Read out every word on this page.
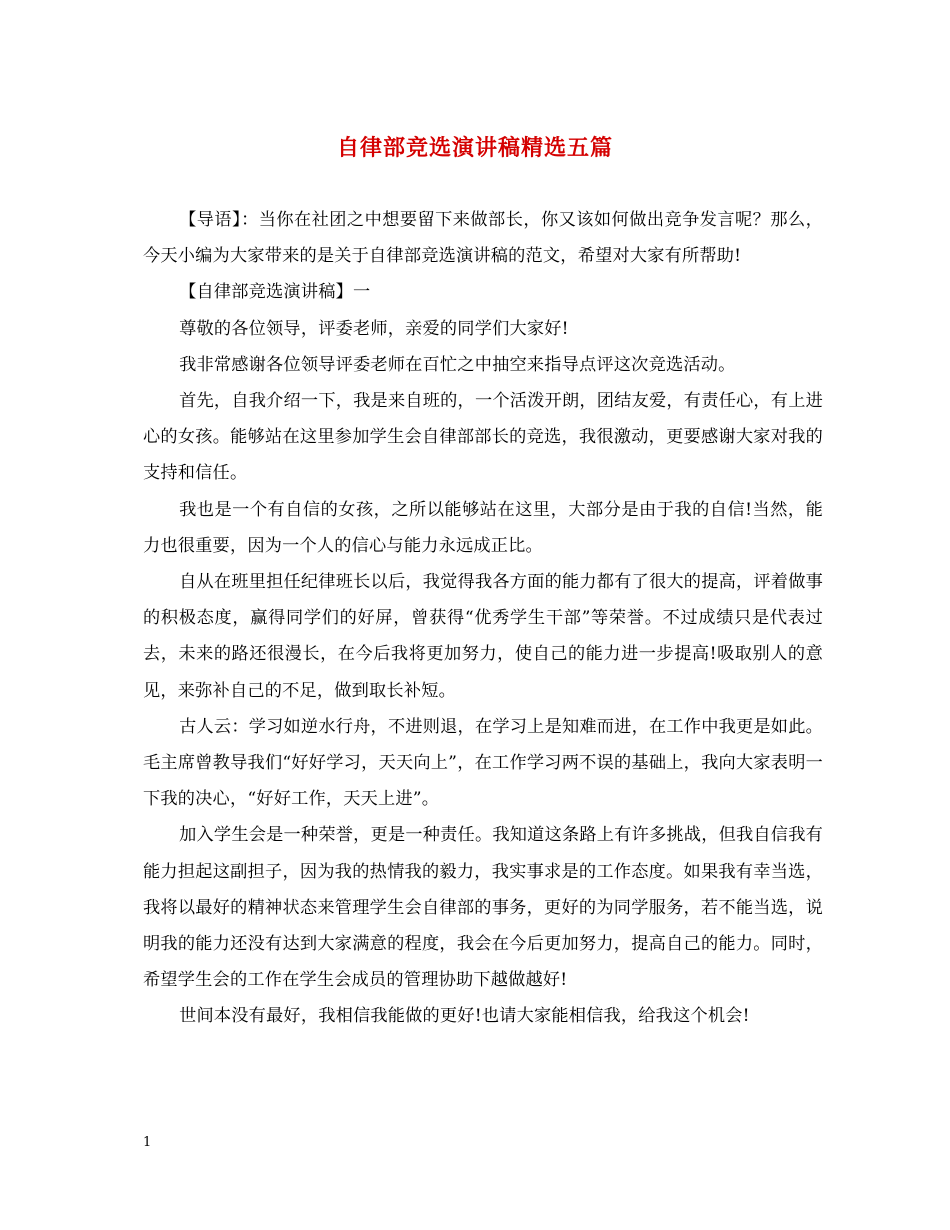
自律部竞选演讲稿精选五篇

【导语】：当你在社团之中想要留下来做部长，你又该如何做出竞争发言呢？那么，今天小编为大家带来的是关于自律部竞选演讲稿的范文，希望对大家有所帮助!

【自律部竞选演讲稿】一

尊敬的各位领导，评委老师，亲爱的同学们大家好!

我非常感谢各位领导评委老师在百忙之中抽空来指导点评这次竞选活动。

首先，自我介绍一下，我是来自班的，一个活泼开朗，团结友爱，有责任心，有上进心的女孩。能够站在这里参加学生会自律部部长的竞选，我很激动，更要感谢大家对我的支持和信任。

我也是一个有自信的女孩，之所以能够站在这里，大部分是由于我的自信!当然，能力也很重要，因为一个人的信心与能力永远成正比。

自从在班里担任纪律班长以后，我觉得我各方面的能力都有了很大的提高，评着做事的积极态度，赢得同学们的好屏，曾获得“优秀学生干部”等荣誉。不过成绩只是代表过去，未来的路还很漫长，在今后我将更加努力，使自己的能力进一步提高!吸取别人的意见，来弥补自己的不足，做到取长补短。

古人云：学习如逆水行舟，不进则退，在学习上是知难而进，在工作中我更是如此。毛主席曾教导我们“好好学习，天天向上”，在工作学习两不误的基础上，我向大家表明一下我的决心，“好好工作，天天上进”。

加入学生会是一种荣誉，更是一种责任。我知道这条路上有许多挑战，但我自信我有能力担起这副担子，因为我的热情我的毅力，我实事求是的工作态度。如果我有幸当选，我将以最好的精神状态来管理学生会自律部的事务，更好的为同学服务，若不能当选，说明我的能力还没有达到大家满意的程度，我会在今后更加努力，提高自己的能力。同时，希望学生会的工作在学生会成员的管理协助下越做越好!

世间本没有最好，我相信我能做的更好!也请大家能相信我，给我这个机会!

1
